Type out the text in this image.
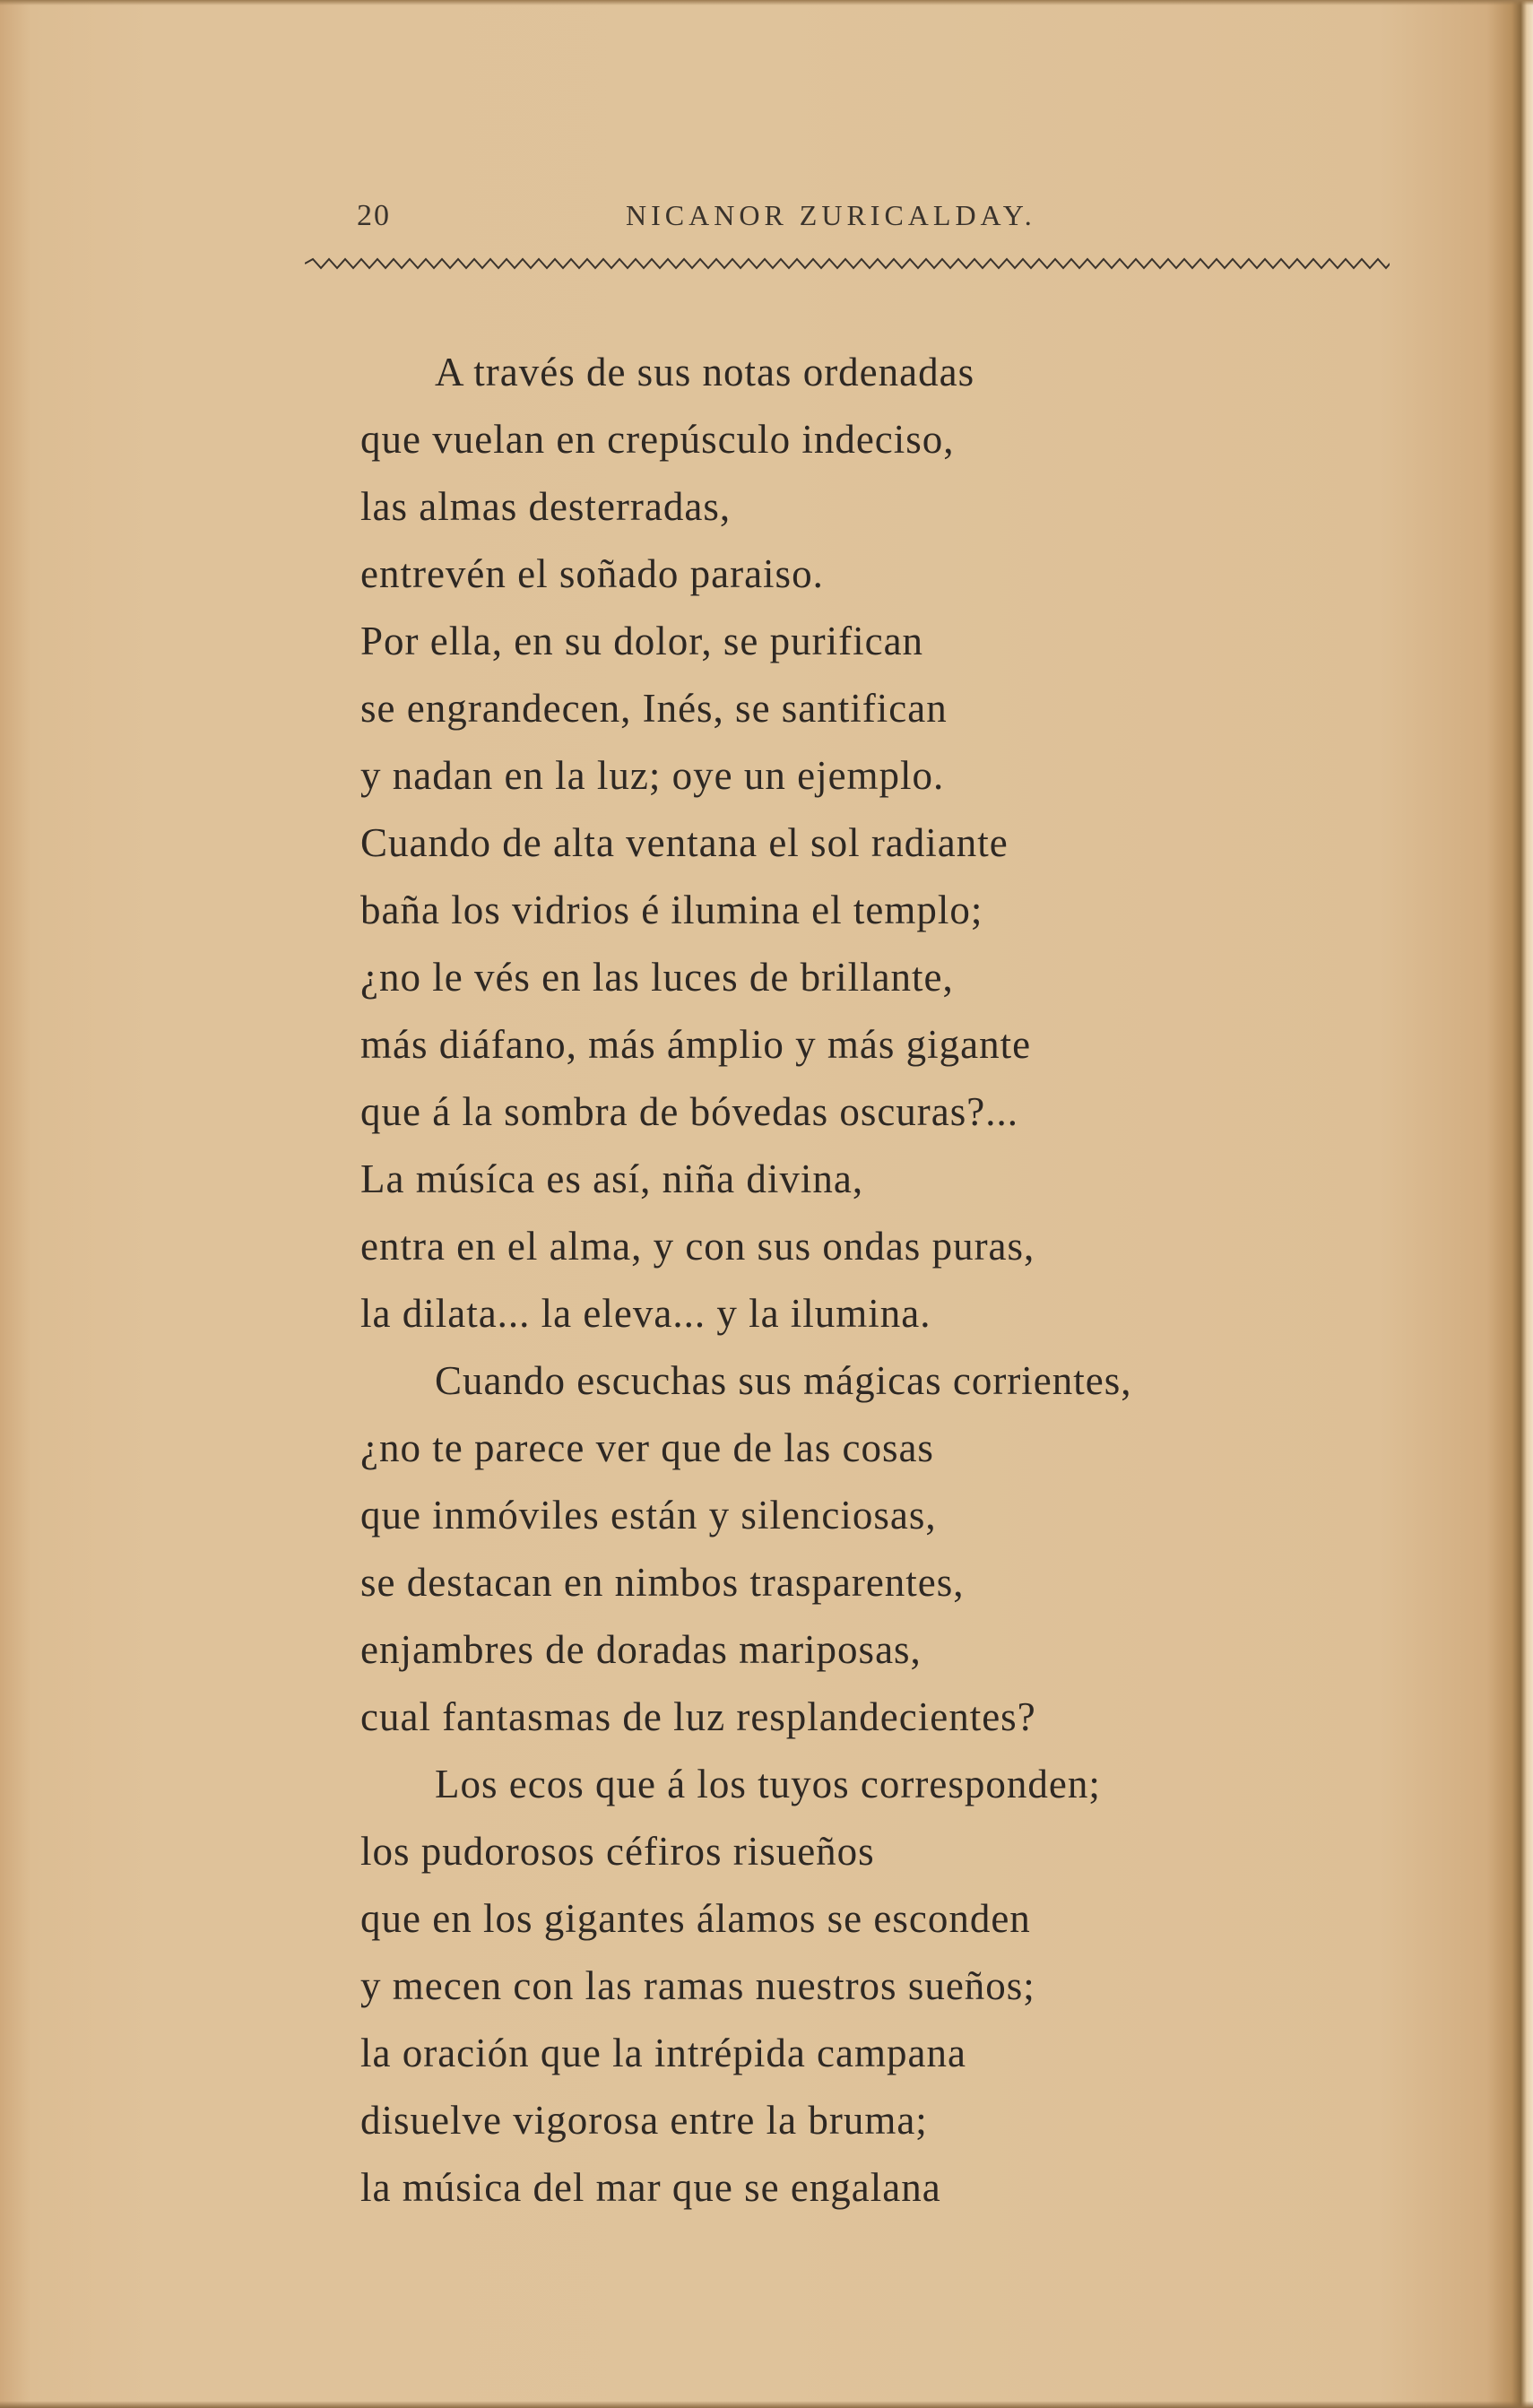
20	NICANOR ZURICALDAY.
A través de sus notas ordenadas
que vuelan en crepúsculo indeciso,
las almas desterradas,
entrevén el soñado paraiso.
Por ella, en su dolor, se purifican
se engrandecen, Inés, se santifican
y nadan en la luz; oye un ejemplo.
Cuando de alta ventana el sol radiante
baña los vidrios é ilumina el templo;
¿no le vés en las luces de brillante,
más diáfano, más ámplio y más gigante
que á la sombra de bóvedas oscuras?...
La músíca es así, niña divina,
entra en el alma, y con sus ondas puras,
la dilata... la eleva... y la ilumina.
Cuando escuchas sus mágicas corrientes,
¿no te parece ver que de las cosas
que inmóviles están y silenciosas,
se destacan en nimbos trasparentes,
enjambres de doradas mariposas,
cual fantasmas de luz resplandecientes?
Los ecos que á los tuyos corresponden;
los pudorosos céfiros risueños
que en los gigantes álamos se esconden
y mecen con las ramas nuestros sueños;
la oración que la intrépida campana
disuelve vigorosa entre la bruma;
la música del mar que se engalana
